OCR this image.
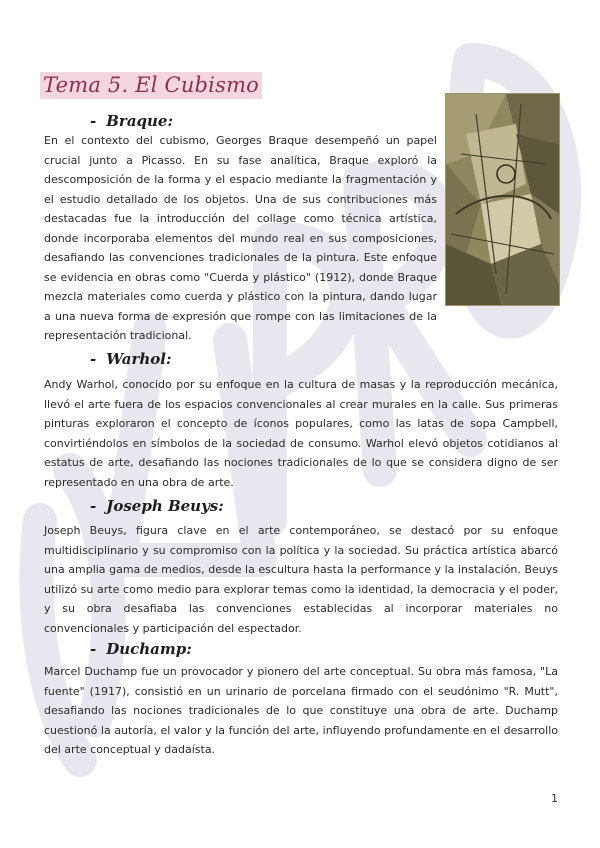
Tema 5. El Cubismo
- Braque:

En el contexto del cubismo, Georges Braque desempeñó un papel crucial junto a Picasso. En su fase analítica, Braque exploró la descomposición de la forma y el espacio mediante la fragmentación y el estudio detallado de los objetos. Una de sus contribuciones más destacadas fue la introducción del collage como técnica artística, donde incorporaba elementos del mundo real en sus composiciones, desafiando las convenciones tradicionales de la pintura. Este enfoque se evidencia en obras como "Cuerda y plástico" (1912), donde Braque mezcla materiales como cuerda y plástico con la pintura, dando lugar a una nueva forma de expresión que rompe con las limitaciones de la representación tradicional.

- Warhol:

Andy Warhol, conocido por su enfoque en la cultura de masas y la reproducción mecánica, llevó el arte fuera de los espacios convencionales al crear murales en la calle. Sus primeras pinturas exploraron el concepto de íconos populares, como las latas de sopa Campbell, convirtiéndolos en símbolos de la sociedad de consumo. Warhol elevó objetos cotidianos al estatus de arte, desafiando las nociones tradicionales de lo que se considera digno de ser representado en una obra de arte.

- Joseph Beuys:

Joseph Beuys, figura clave en el arte contemporáneo, se destacó por su enfoque multidisciplinario y su compromiso con la política y la sociedad. Su práctica artística abarcó una amplia gama de medios, desde la escultura hasta la performance y la instalación. Beuys utilizó su arte como medio para explorar temas como la identidad, la democracia y el poder, y su obra desafiaba las convenciones establecidas al incorporar materiales no convencionales y participación del espectador.

- Duchamp:

Marcel Duchamp fue un provocador y pionero del arte conceptual. Su obra más famosa, "La fuente" (1917), consistió en un urinario de porcelana firmado con el seudónimo "R. Mutt", desafiando las nociones tradicionales de lo que constituye una obra de arte. Duchamp cuestionó la autoría, el valor y la función del arte, influyendo profundamente en el desarrollo del arte conceptual y dadaísta.

1
